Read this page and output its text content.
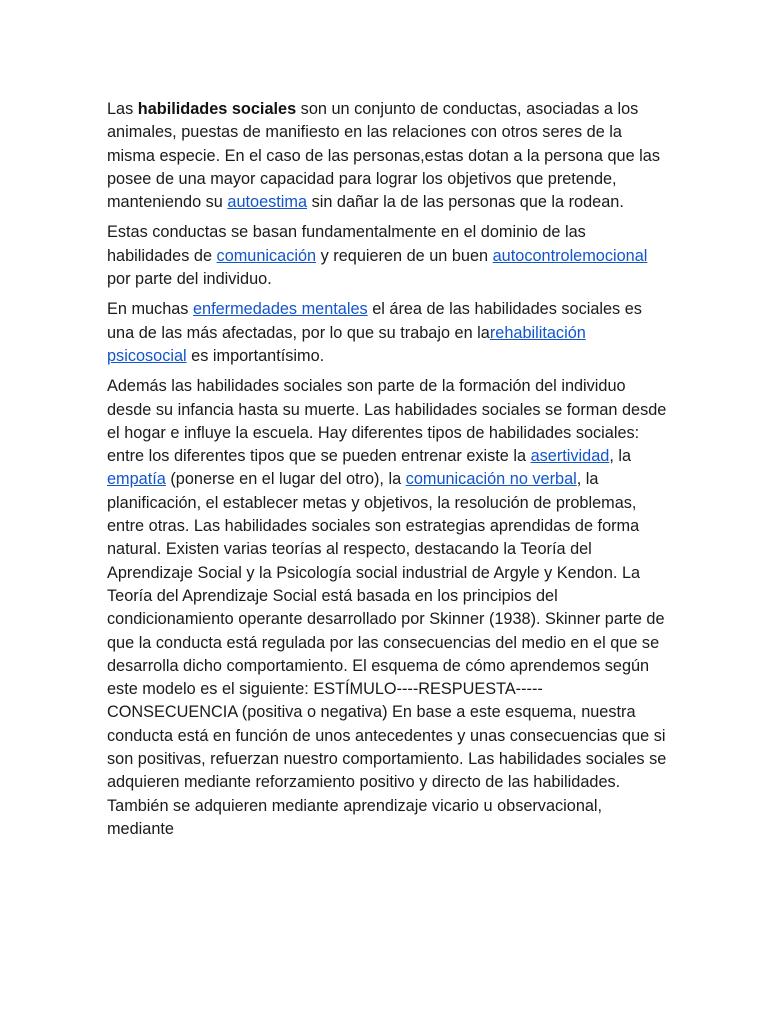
Las habilidades sociales son un conjunto de conductas, asociadas a los animales, puestas de manifiesto en las relaciones con otros seres de la misma especie. En el caso de las personas,estas dotan a la persona que las posee de una mayor capacidad para lograr los objetivos que pretende, manteniendo su autoestima sin dañar la de las personas que la rodean.

Estas conductas se basan fundamentalmente en el dominio de las habilidades de comunicación y requieren de un buen autocontrolemocional por parte del individuo.

En muchas enfermedades mentales el área de las habilidades sociales es una de las más afectadas, por lo que su trabajo en larehabilitación psicosocial es importantísimo.

Además las habilidades sociales son parte de la formación del individuo desde su infancia hasta su muerte. Las habilidades sociales se forman desde el hogar e influye la escuela. Hay diferentes tipos de habilidades sociales: entre los diferentes tipos que se pueden entrenar existe la asertividad, la empatía (ponerse en el lugar del otro), la comunicación no verbal, la planificación, el establecer metas y objetivos, la resolución de problemas, entre otras. Las habilidades sociales son estrategias aprendidas de forma natural. Existen varias teorías al respecto, destacando la Teoría del Aprendizaje Social y la Psicología social industrial de Argyle y Kendon. La Teoría del Aprendizaje Social está basada en los principios del condicionamiento operante desarrollado por Skinner (1938). Skinner parte de que la conducta está regulada por las consecuencias del medio en el que se desarrolla dicho comportamiento. El esquema de cómo aprendemos según este modelo es el siguiente: ESTÍMULO----RESPUESTA-----CONSECUENCIA (positiva o negativa) En base a este esquema, nuestra conducta está en función de unos antecedentes y unas consecuencias que si son positivas, refuerzan nuestro comportamiento. Las habilidades sociales se adquieren mediante reforzamiento positivo y directo de las habilidades. También se adquieren mediante aprendizaje vicario u observacional, mediante
